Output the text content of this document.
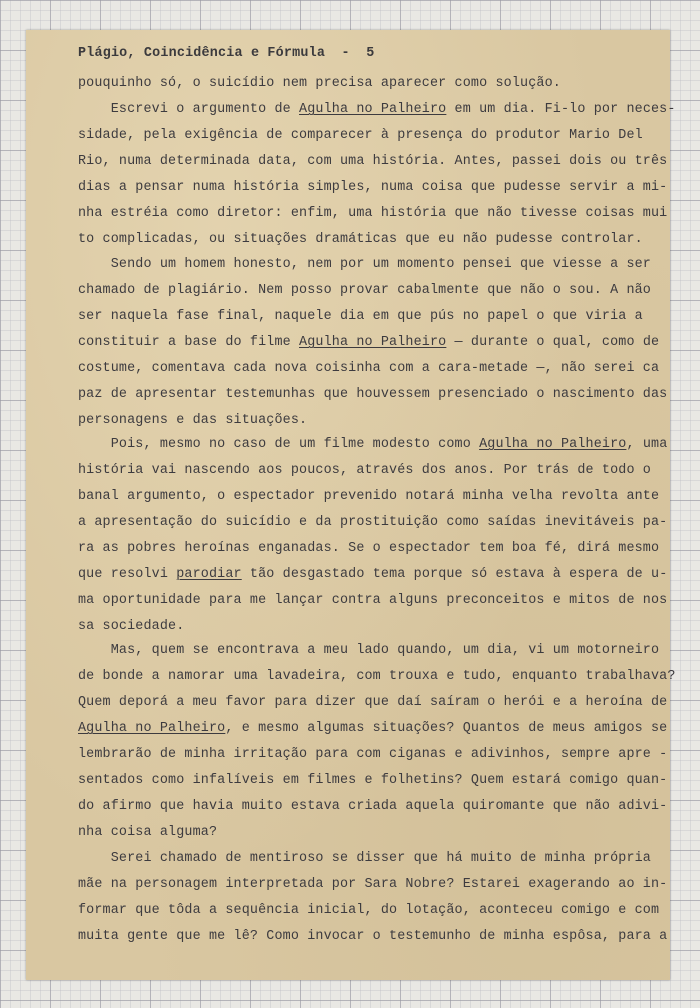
Plágio, Coincidência e Fórmula  -  5
pouquinho só, o suicídio nem precisa aparecer como solução.
Escrevi o argumento de Agulha no Palheiro em um dia. Fi-lo por neces-
sidade, pela exigência de comparecer à presença do produtor Mario Del
Rio, numa determinada data, com uma história. Antes, passei dois ou três
dias a pensar numa história simples, numa coisa que pudesse servir a mi-
nha estréia como diretor: enfim, uma história que não tivesse coisas mui
to complicadas, ou situações dramáticas que eu não pudesse controlar.
Sendo um homem honesto, nem por um momento pensei que viesse a ser
chamado de plagiário. Nem posso provar cabalmente que não o sou. A não
ser naquela fase final, naquele dia em que pús no papel o que viria a
constituir a base do filme Agulha no Palheiro — durante o qual, como de
costume, comentava cada nova coisinha com a cara-metade —, não serei ca
paz de apresentar testemunhas que houvessem presenciado o nascimento das
personagens e das situações.
Pois, mesmo no caso de um filme modesto como Agulha no Palheiro, uma
história vai nascendo aos poucos, através dos anos. Por trás de todo o
banal argumento, o espectador prevenido notará minha velha revolta ante
a apresentação do suicídio e da prostituição como saídas inevitáveis pa-
ra as pobres heroínas enganadas. Se o espectador tem boa fé, dirá mesmo
que resolvi parodiar tão desgastado tema porque só estava à espera de u-
ma oportunidade para me lançar contra alguns preconceitos e mitos de nos
sa sociedade.
Mas, quem se encontrava a meu lado quando, um dia, vi um motorneiro
de bonde a namorar uma lavadeira, com trouxa e tudo, enquanto trabalhava?
Quem deporá a meu favor para dizer que daí saíram o herói e a heroína de
Agulha no Palheiro, e mesmo algumas situações? Quantos de meus amigos se
lembrarão de minha irritação para com ciganas e adivinhos, sempre apre -
sentados como infalíveis em filmes e folhetins? Quem estará comigo quan-
do afirmo que havia muito estava criada aquela quiromante que não adivi-
nha coisa alguma?
Serei chamado de mentiroso se disser que há muito de minha própria
mãe na personagem interpretada por Sara Nobre? Estarei exagerando ao in-
formar que tôda a sequência inicial, do lotação, aconteceu comigo e com
muita gente que me lê? Como invocar o testemunho de minha espôsa, para a
